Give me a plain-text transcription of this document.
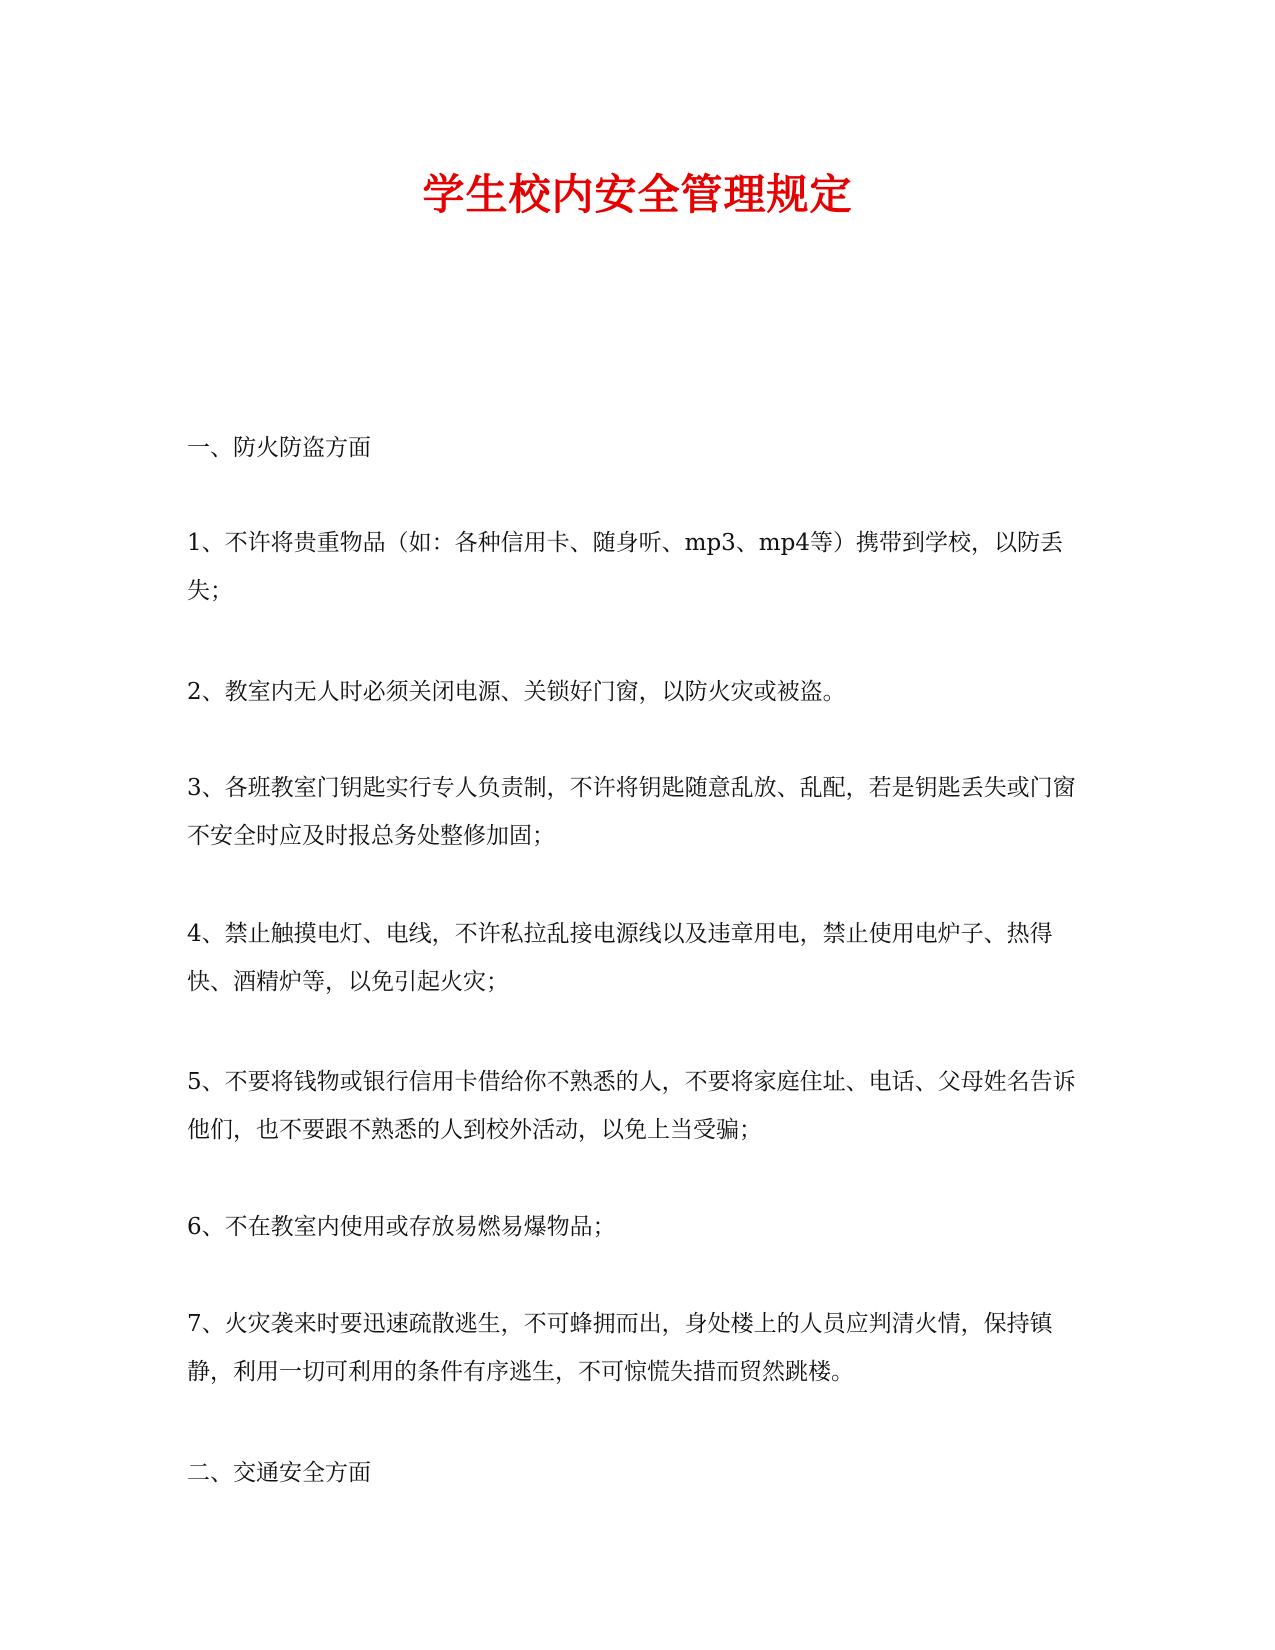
学生校内安全管理规定

一、防火防盗方面

1、不许将贵重物品（如：各种信用卡、随身听、mp3、mp4等）携带到学校，以防丢失；

2、教室内无人时必须关闭电源、关锁好门窗，以防火灾或被盗。

3、各班教室门钥匙实行专人负责制，不许将钥匙随意乱放、乱配，若是钥匙丢失或门窗不安全时应及时报总务处整修加固；

4、禁止触摸电灯、电线，不许私拉乱接电源线以及违章用电，禁止使用电炉子、热得快、酒精炉等，以免引起火灾；

5、不要将钱物或银行信用卡借给你不熟悉的人，不要将家庭住址、电话、父母姓名告诉他们，也不要跟不熟悉的人到校外活动，以免上当受骗；

6、不在教室内使用或存放易燃易爆物品；

7、火灾袭来时要迅速疏散逃生，不可蜂拥而出，身处楼上的人员应判清火情，保持镇静，利用一切可利用的条件有序逃生，不可惊慌失措而贸然跳楼。

二、交通安全方面
